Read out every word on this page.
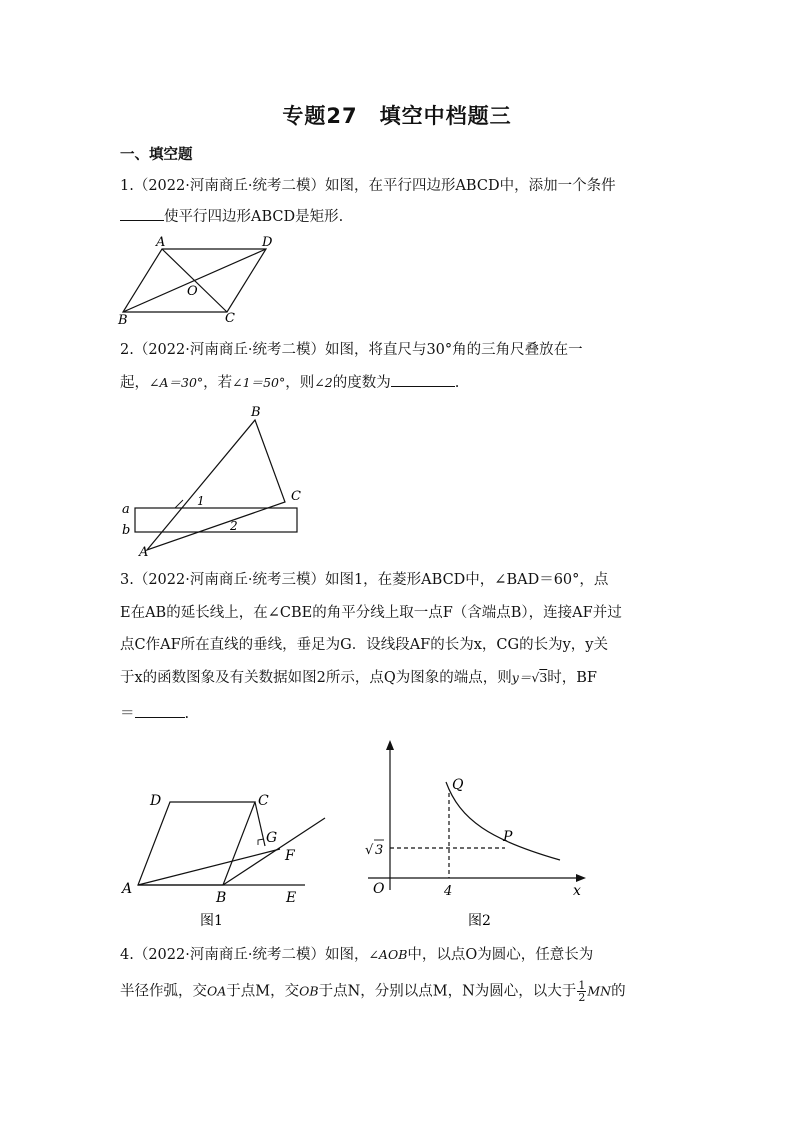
专题27　填空中档题三
一、填空题
1.（2022·河南商丘·统考二模）如图，在平行四边形ABCD中，添加一个条件
使平行四边形ABCD是矩形.
A	D
O
B	C
2.（2022·河南商丘·统考二模）如图，将直尺与30°角的三角尺叠放在一
起，∠A＝30°，若∠1＝50°，则∠2的度数为	.
B
C
A
a
b
1
2
3.（2022·河南商丘·统考三模）如图1，在菱形ABCD中，∠BAD＝60°，点
E在AB的延长线上，在∠CBE的角平分线上取一点F（含端点B），连接AF并过
点C作AF所在直线的垂线，垂足为G．设线段AF的长为x，CG的长为y，y关
于x的函数图象及有关数据如图2所示，点Q为图象的端点，则y＝√3时，BF
＝	.
D	C
G
F
A
B	E
图1
Q
P
O	x
4
√ 3
图2
4.（2022·河南商丘·统考二模）如图，∠AOB中，以点O为圆心，任意长为
半径作弧，交OA于点M，交OB于点N，分别以点M，N为圆心，以大于 $\frac{1}{2}$ MN的
